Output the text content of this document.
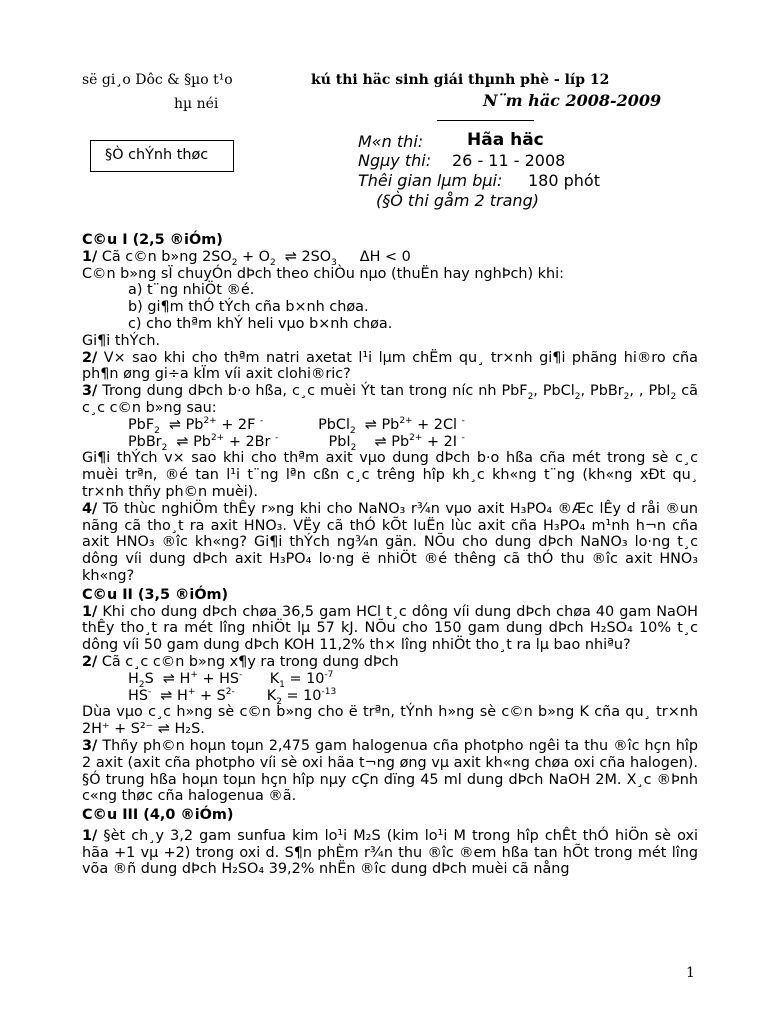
së gi¸o Dôc & §µo t¹o
hµ néi
kú thi häc sinh giái thµnh phè - líp 12
N¨m häc 2008-2009
§Ò chÝnh thøc
M«n thi:	Hãa häc
Ngµy thi: 26 - 11 - 2008
Thêi gian lµm bµi: 180 phót
(§Ò thi gåm 2 trang)

C©u I (2,5 ®iÓm)

1/ Cã c©n b»ng $2SO_2 + O_2$ ⇌ $2SO_3$ ΔH < 0

C©n b»ng sÏ chuyÓn dÞch theo chiÒu nµo (thuËn hay nghÞch) khi:

a) t¨ng nhiÖt ®é.

b) gi¶m thÓ tÝch cña b×nh chøa.

c) cho thªm khÝ heli vµo b×nh chøa.

Gi¶i thÝch.

2/ V× sao khi cho thªm natri axetat l¹i lµm chËm qu¸ tr×nh gi¶i phãng hi®ro cña ph¶n øng gi÷a kÏm víi axit clohi®ric?

3/ Trong dung dÞch b·o hßa, c¸c muèi Ýt tan trong níc nh PbF$_2$, PbCl$_2$, PbBr$_2$, , PbI$_2$ cã c¸c c©n b»ng sau:

PbF$_2$ ⇌ $Pb^{2+} + 2F$ -	PbCl$_2$ ⇌ $Pb^{2+} + 2Cl$ -

PbBr$_2$ ⇌ $Pb^{2+} + 2Br$ -	PbI$_2$ ⇌ $Pb^{2+} + 2I$ -

Gi¶i thÝch v× sao khi cho thªm axit vµo dung dÞch b·o hßa cña mét trong sè c¸c muèi trªn, ®é tan l¹i t¨ng lªn cßn c¸c trêng hîp kh¸c kh«ng t¨ng (kh«ng xÐt qu¸ tr×nh thñy ph©n muèi).

4/ Tõ thùc nghiÖm thÊy r»ng khi cho NaNO₃ r¾n vµo axit H₃PO₄ ®Æc lÊy d råi ®un nãng cã tho¸t ra axit HNO₃. VËy cã thÓ kÕt luËn lùc axit cña H₃PO₄ m¹nh h¬n cña axit HNO₃ ®îc kh«ng? Gi¶i thÝch ng¾n gän. NÕu cho dung dÞch NaNO₃ lo·ng t¸c dông víi dung dÞch axit H₃PO₄ lo·ng ë nhiÖt ®é thêng cã thÓ thu ®îc axit HNO₃ kh«ng?

C©u II (3,5 ®iÓm)

1/ Khi cho dung dÞch chøa 36,5 gam HCl t¸c dông víi dung dÞch chøa 40 gam NaOH thÊy tho¸t ra mét lîng nhiÖt lµ 57 kJ. NÕu cho 150 gam dung dÞch H₂SO₄ 10% t¸c dông víi 50 gam dung dÞch KOH 11,2% th× lîng nhiÖt tho¸t ra lµ bao nhiªu?

2/ Cã c¸c c©n b»ng x¶y ra trong dung dÞch

$H_2S$  ⇌ H+ + HS- $K_1 = 10^{-7}$

HS- ⇌ $H^+ + S^{2-}$ $K_2 = 10^{-13}$

Dùa vµo c¸c h»ng sè c©n b»ng cho ë trªn, tÝnh h»ng sè c©n b»ng K cña qu¸ tr×nh 2H⁺ + S²⁻ ⇌ H₂S.

3/ Thñy ph©n hoµn toµn 2,475 gam halogenua cña photpho ngêi ta thu ®îc hçn hîp 2 axit (axit cña photpho víi sè oxi hãa t¬ng øng vµ axit kh«ng chøa oxi cña halogen). §Ó trung hßa hoµn toµn hçn hîp nµy cÇn dïng 45 ml dung dÞch NaOH 2M. X¸c ®Þnh c«ng thøc cña halogenua ®ã.

C©u III (4,0 ®iÓm)

1/ §èt ch¸y 3,2 gam sunfua kim lo¹i M₂S (kim lo¹i M trong hîp chÊt thÓ hiÖn sè oxi hãa +1 vµ +2) trong oxi d. S¶n phÈm r¾n thu ®îc ®em hßa tan hÕt trong mét lîng võa ®ñ dung dÞch H₂SO₄ 39,2% nhËn ®îc dung dÞch muèi cã nång

1
